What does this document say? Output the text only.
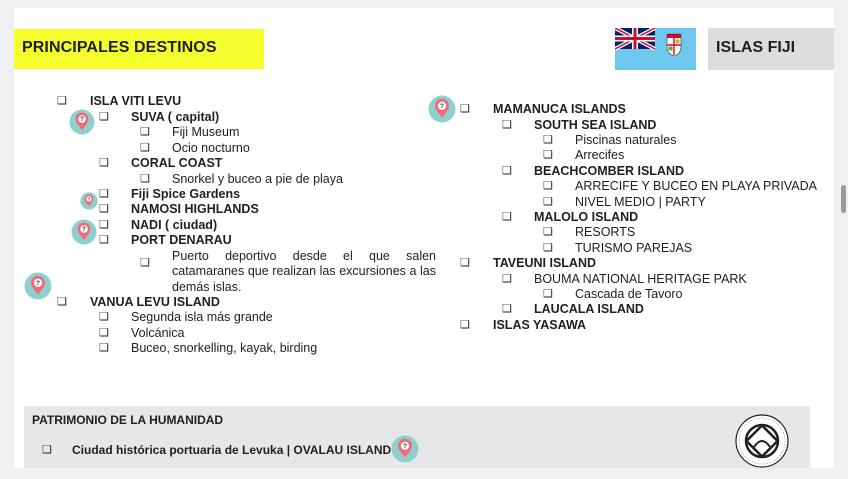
PRINCIPALES DESTINOS	ISLAS FIJI
❑ ISLA VITI LEVU
❑ SUVA ( capital)
❑ Fiji Museum
❑ Ocio nocturno
❑ CORAL COAST
❑ Snorkel y buceo a pie de playa
❑ Fiji Spice Gardens
❑ NAMOSI HIGHLANDS
❑ NADI ( ciudad)
❑ PORT DENARAU
❑ Puerto deportivo desde el que salen catamaranes que realizan las excursiones a las demás islas.
❑ VANUA LEVU ISLAND
❑ Segunda isla más grande
❑ Volcánica
❑ Buceo, snorkelling, kayak, birding
❑ MAMANUCA ISLANDS
❑ SOUTH SEA ISLAND
❑ Piscinas naturales
❑ Arrecifes
❑ BEACHCOMBER ISLAND
❑ ARRECIFE Y BUCEO EN PLAYA PRIVADA
❑ NIVEL MEDIO | PARTY
❑ MALOLO ISLAND
❑ RESORTS
❑ TURISMO PAREJAS
❑ TAVEUNI ISLAND
❑ BOUMA NATIONAL HERITAGE PARK
❑ Cascada de Tavoro
❑ LAUCALA ISLAND
❑ ISLAS YASAWA
?
?
?
?
?
PATRIMONIO DE LA HUMANIDAD
❑ Ciudad histórica portuaria de Levuka | OVALAU ISLAND ?
